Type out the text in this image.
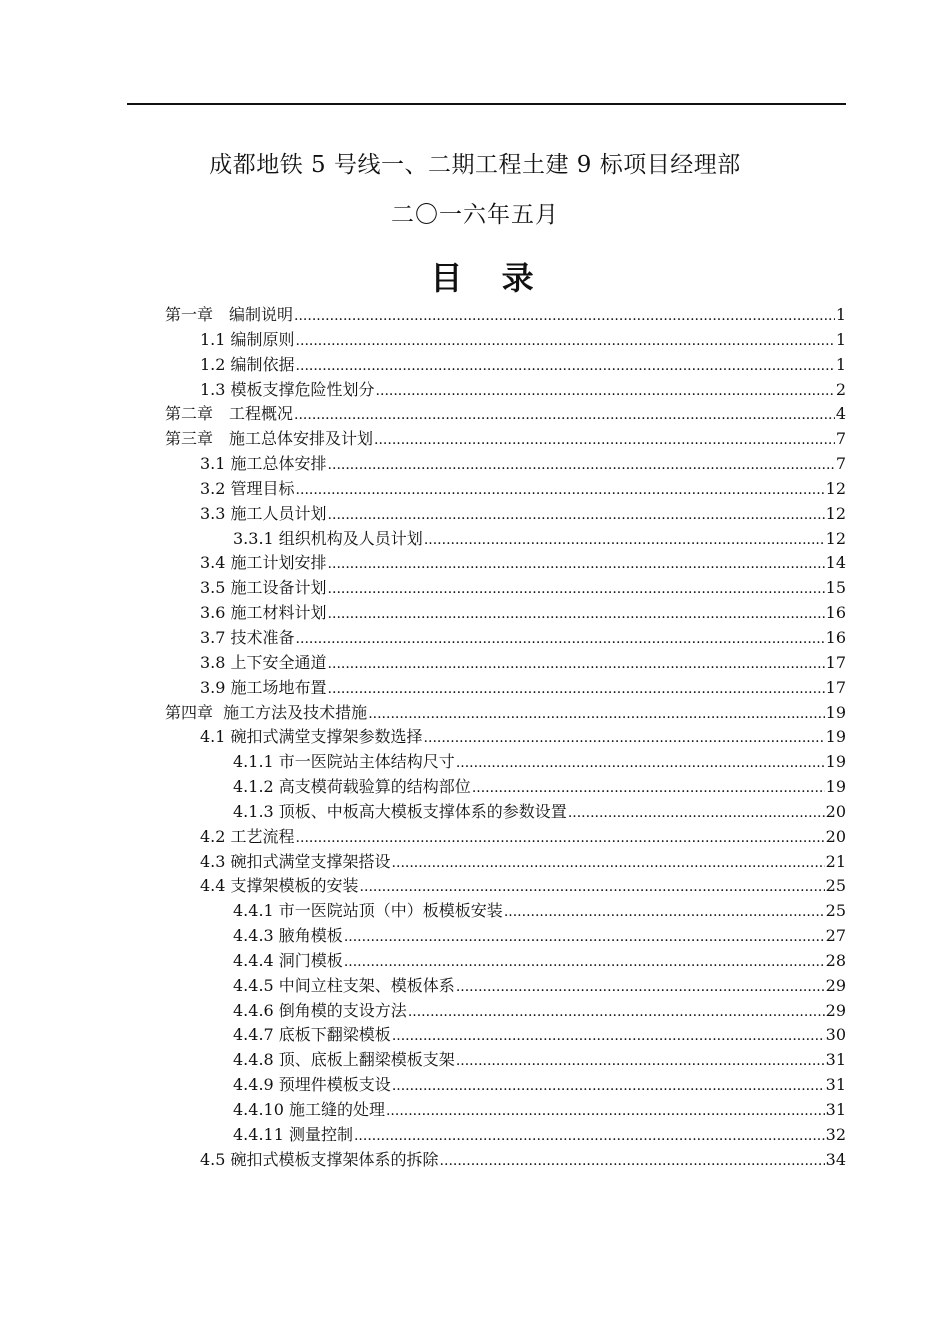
成都地铁 5 号线一、二期工程土建 9 标项目经理部
二〇一六年五月
目 录
第一章　编制说明 .....	1
1.1 编制原则 .....	1
1.2 编制依据 .....	1
1.3 模板支撑危险性划分 .....	2
第二章　工程概况 .....	4
第三章　施工总体安排及计划 .....	7
3.1 施工总体安排 .....	7
3.2 管理目标 .....	12
3.3 施工人员计划 .....	12
3.3.1 组织机构及人员计划 .....	12
3.4 施工计划安排 .....	14
3.5 施工设备计划 .....	15
3.6 施工材料计划 .....	16
3.7 技术准备 .....	16
3.8 上下安全通道 .....	17
3.9 施工场地布置 .....	17
第四章  施工方法及技术措施 .....	19
4.1 碗扣式满堂支撑架参数选择 .....	19
4.1.1 市一医院站主体结构尺寸 .....	19
4.1.2 高支模荷载验算的结构部位 .....	19
4.1.3 顶板、中板高大模板支撑体系的参数设置 .....	20
4.2 工艺流程 .....	20
4.3 碗扣式满堂支撑架搭设 .....	21
4.4 支撑架模板的安装 .....	25
4.4.1 市一医院站顶（中）板模板安装 .....	25
4.4.3 腋角模板 .....	27
4.4.4 洞门模板 .....	28
4.4.5 中间立柱支架、模板体系 .....	29
4.4.6 倒角模的支设方法 .....	29
4.4.7 底板下翻梁模板 .....	30
4.4.8 顶、底板上翻梁模板支架 .....	31
4.4.9 预埋件模板支设 .....	31
4.4.10 施工缝的处理 .....	31
4.4.11 测量控制 .....	32
4.5 碗扣式模板支撑架体系的拆除 .....	34
